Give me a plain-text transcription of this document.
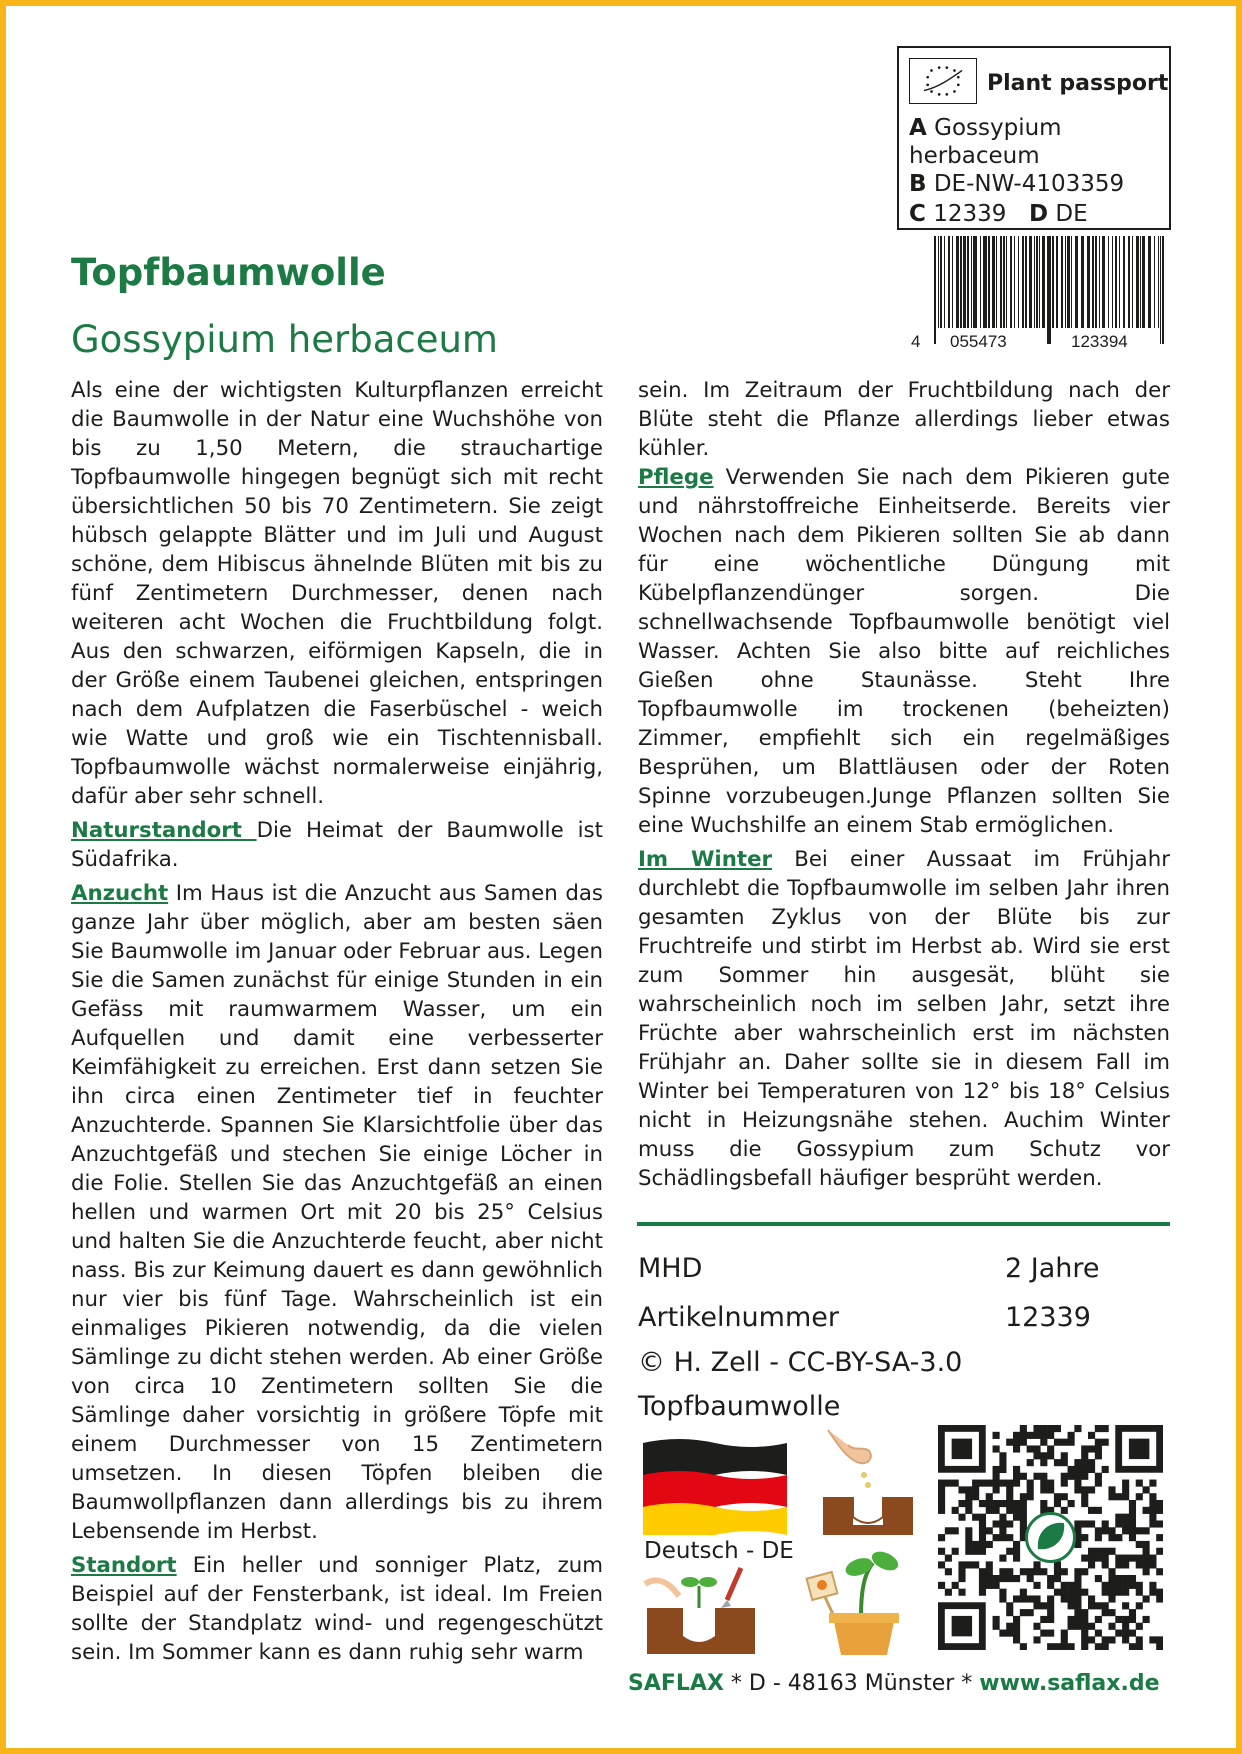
Plant passport
A Gossypium herbaceum
B DE-NW-4103359
C 12339 D DE
4 055473	123394
Topfbaumwolle
Gossypium herbaceum

Als eine der wichtigsten Kulturpflanzen erreicht die Baumwolle in der Natur eine Wuchshöhe von bis zu 1,50 Metern, die strauchartige Topfbaumwolle hingegen begnügt sich mit recht übersichtlichen 50 bis 70 Zentimetern. Sie zeigt hübsch gelappte Blätter und im Juli und August schöne, dem Hibiscus ähnelnde Blüten mit bis zu fünf Zentimetern Durchmesser, denen nach weiteren acht Wochen die Fruchtbildung folgt. Aus den schwarzen, eiförmigen Kapseln, die in der Größe einem Taubenei gleichen, entspringen nach dem Aufplatzen die Faserbüschel - weich wie Watte und groß wie ein Tischtennisball. Topfbaumwolle wächst normalerweise einjährig, dafür aber sehr schnell.

Naturstandort Die Heimat der Baumwolle ist Südafrika.

Anzucht Im Haus ist die Anzucht aus Samen das ganze Jahr über möglich, aber am besten säen Sie Baumwolle im Januar oder Februar aus. Legen Sie die Samen zunächst für einige Stunden in ein Gefäss mit raumwarmem Wasser, um ein Aufquellen und damit eine verbesserter Keimfähigkeit zu erreichen. Erst dann setzen Sie ihn circa einen Zentimeter tief in feuchter Anzuchterde. Spannen Sie Klarsichtfolie über das Anzuchtgefäß und stechen Sie einige Löcher in die Folie. Stellen Sie das Anzuchtgefäß an einen hellen und warmen Ort mit 20 bis 25° Celsius und halten Sie die Anzuchterde feucht, aber nicht nass. Bis zur Keimung dauert es dann gewöhnlich nur vier bis fünf Tage. Wahrscheinlich ist ein einmaliges Pikieren notwendig, da die vielen Sämlinge zu dicht stehen werden. Ab einer Größe von circa 10 Zentimetern sollten Sie die Sämlinge daher vorsichtig in größere Töpfe mit einem Durchmesser von 15 Zentimetern umsetzen. In diesen Töpfen bleiben die Baumwollpflanzen dann allerdings bis zu ihrem Lebensende im Herbst.

Standort Ein heller und sonniger Platz, zum Beispiel auf der Fensterbank, ist ideal. Im Freien sollte der Standplatz wind- und regengeschützt sein. Im Sommer kann es dann ruhig sehr warm

Pflege Verwenden Sie nach dem Pikieren gute und nährstoffreiche Einheitserde. Bereits vier Wochen nach dem Pikieren sollten Sie ab dann für eine wöchentliche Düngung mit Kübelpflanzendünger sorgen. Die schnellwachsende Topfbaumwolle benötigt viel Wasser. Achten Sie also bitte auf reichliches Gießen ohne Staunässe. Steht Ihre Topfbaumwolle im trockenen (beheizten) Zimmer, empfiehlt sich ein regelmäßiges Besprühen, um Blattläusen oder der Roten Spinne vorzubeugen.Junge Pflanzen sollten Sie eine Wuchshilfe an einem Stab ermöglichen.

Im Winter Bei einer Aussaat im Frühjahr durchlebt die Topfbaumwolle im selben Jahr ihren gesamten Zyklus von der Blüte bis zur Fruchtreife und stirbt im Herbst ab. Wird sie erst zum Sommer hin ausgesät, blüht sie wahrscheinlich noch im selben Jahr, setzt ihre Früchte aber wahrscheinlich erst im nächsten Frühjahr an. Daher sollte sie in diesem Fall im Winter bei Temperaturen von 12° bis 18° Celsius nicht in Heizungsnähe stehen. Auchim Winter muss die Gossypium zum Schutz vor Schädlingsbefall häufiger besprüht werden.

sein. Im Zeitraum der Fruchtbildung nach der Blüte steht die Pflanze allerdings lieber etwas kühler.

MHD	2 Jahre
Artikelnummer	12339
© H. Zell - CC-BY-SA-3.0
Topfbaumwolle
Deutsch - DE
SAFLAX * D - 48163 Münster * www.saflax.de
